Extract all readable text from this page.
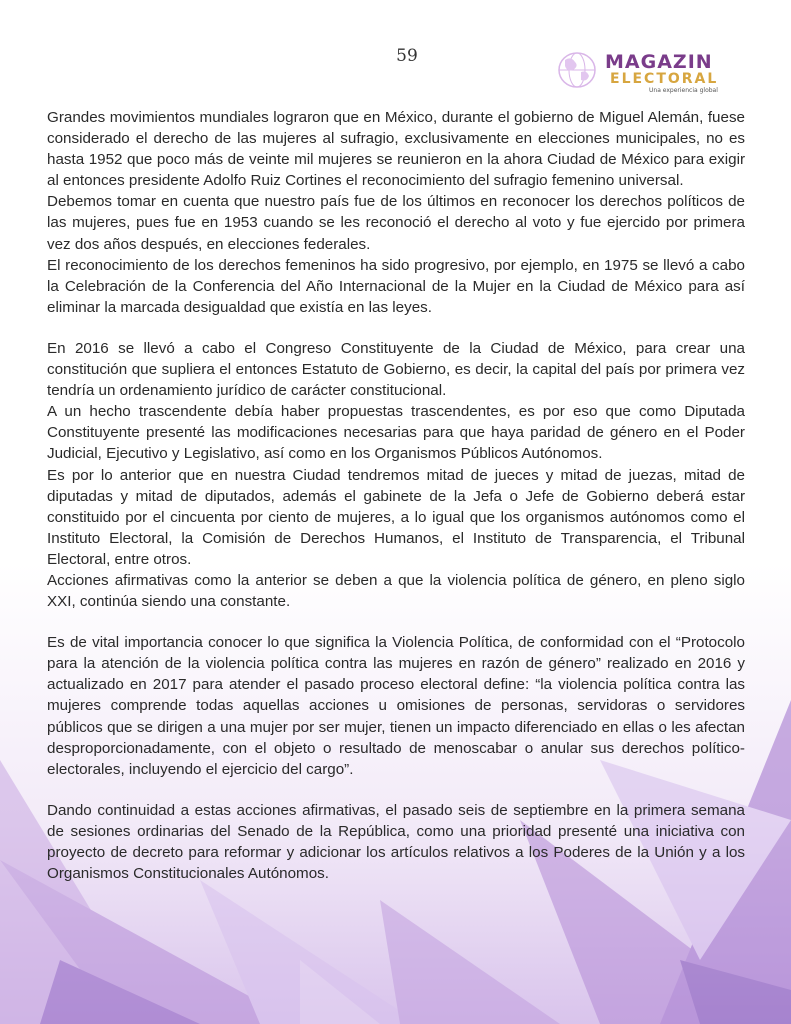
59	MAGAZIN
ELECTORAL
Una experiencia global

Grandes movimientos mundiales lograron que en México, durante el gobierno de Miguel Alemán, fuese considerado el derecho de las mujeres al sufragio, exclusivamente en elecciones municipales, no es hasta 1952 que poco más de veinte mil mujeres se reunieron en la ahora Ciudad de México para exigir al entonces presidente Adolfo Ruiz Cortines el reconocimiento del sufragio femenino universal.

Debemos tomar en cuenta que nuestro país fue de los últimos en reconocer los derechos políticos de las mujeres, pues fue en 1953 cuando se les reconoció el derecho al voto y fue ejercido por primera vez dos años después, en elecciones federales.

El reconocimiento de los derechos femeninos ha sido progresivo, por ejemplo, en 1975 se llevó a cabo la Celebración de la Conferencia del Año Internacional de la Mujer en la Ciudad de México para así eliminar la marcada desigualdad que existía en las leyes.

En 2016 se llevó a cabo el Congreso Constituyente de la Ciudad de México, para crear una constitución que supliera el entonces Estatuto de Gobierno, es decir, la capital del país por primera vez tendría un ordenamiento jurídico de carácter constitucional.

A un hecho trascendente debía haber propuestas trascendentes, es por eso que como Diputada Constituyente presenté las modificaciones necesarias para que haya paridad de género en el Poder Judicial, Ejecutivo y Legislativo, así como en los Organismos Públicos Autónomos.

Es por lo anterior que en nuestra Ciudad tendremos mitad de jueces y mitad de juezas, mitad de diputadas y mitad de diputados, además el gabinete de la Jefa o Jefe de Gobierno deberá estar constituido por el cincuenta por ciento de mujeres, a lo igual que los organismos autónomos como el Instituto Electoral, la Comisión de Derechos Humanos, el Instituto de Transparencia, el Tribunal Electoral, entre otros.

Acciones afirmativas como la anterior se deben a que la violencia política de género, en pleno siglo XXI, continúa siendo una constante.

Es de vital importancia conocer lo que significa la Violencia Política, de conformidad con el “Protocolo para la atención de la violencia política contra las mujeres en razón de género” realizado en 2016 y actualizado en 2017 para atender el pasado proceso electoral define: “la violencia política contra las mujeres comprende todas aquellas acciones u omisiones de personas, servidoras o servidores públicos que se dirigen a una mujer por ser mujer, tienen un impacto diferenciado en ellas o les afectan desproporcionadamente, con el objeto o resultado de menoscabar o anular sus derechos político-electorales, incluyendo el ejercicio del cargo”.

Dando continuidad a estas acciones afirmativas, el pasado seis de septiembre en la primera semana de sesiones ordinarias del Senado de la República, como una prioridad presenté una iniciativa con proyecto de decreto para reformar y adicionar los artículos relativos a los Poderes de la Unión y a los Organismos Constitucionales Autónomos.
